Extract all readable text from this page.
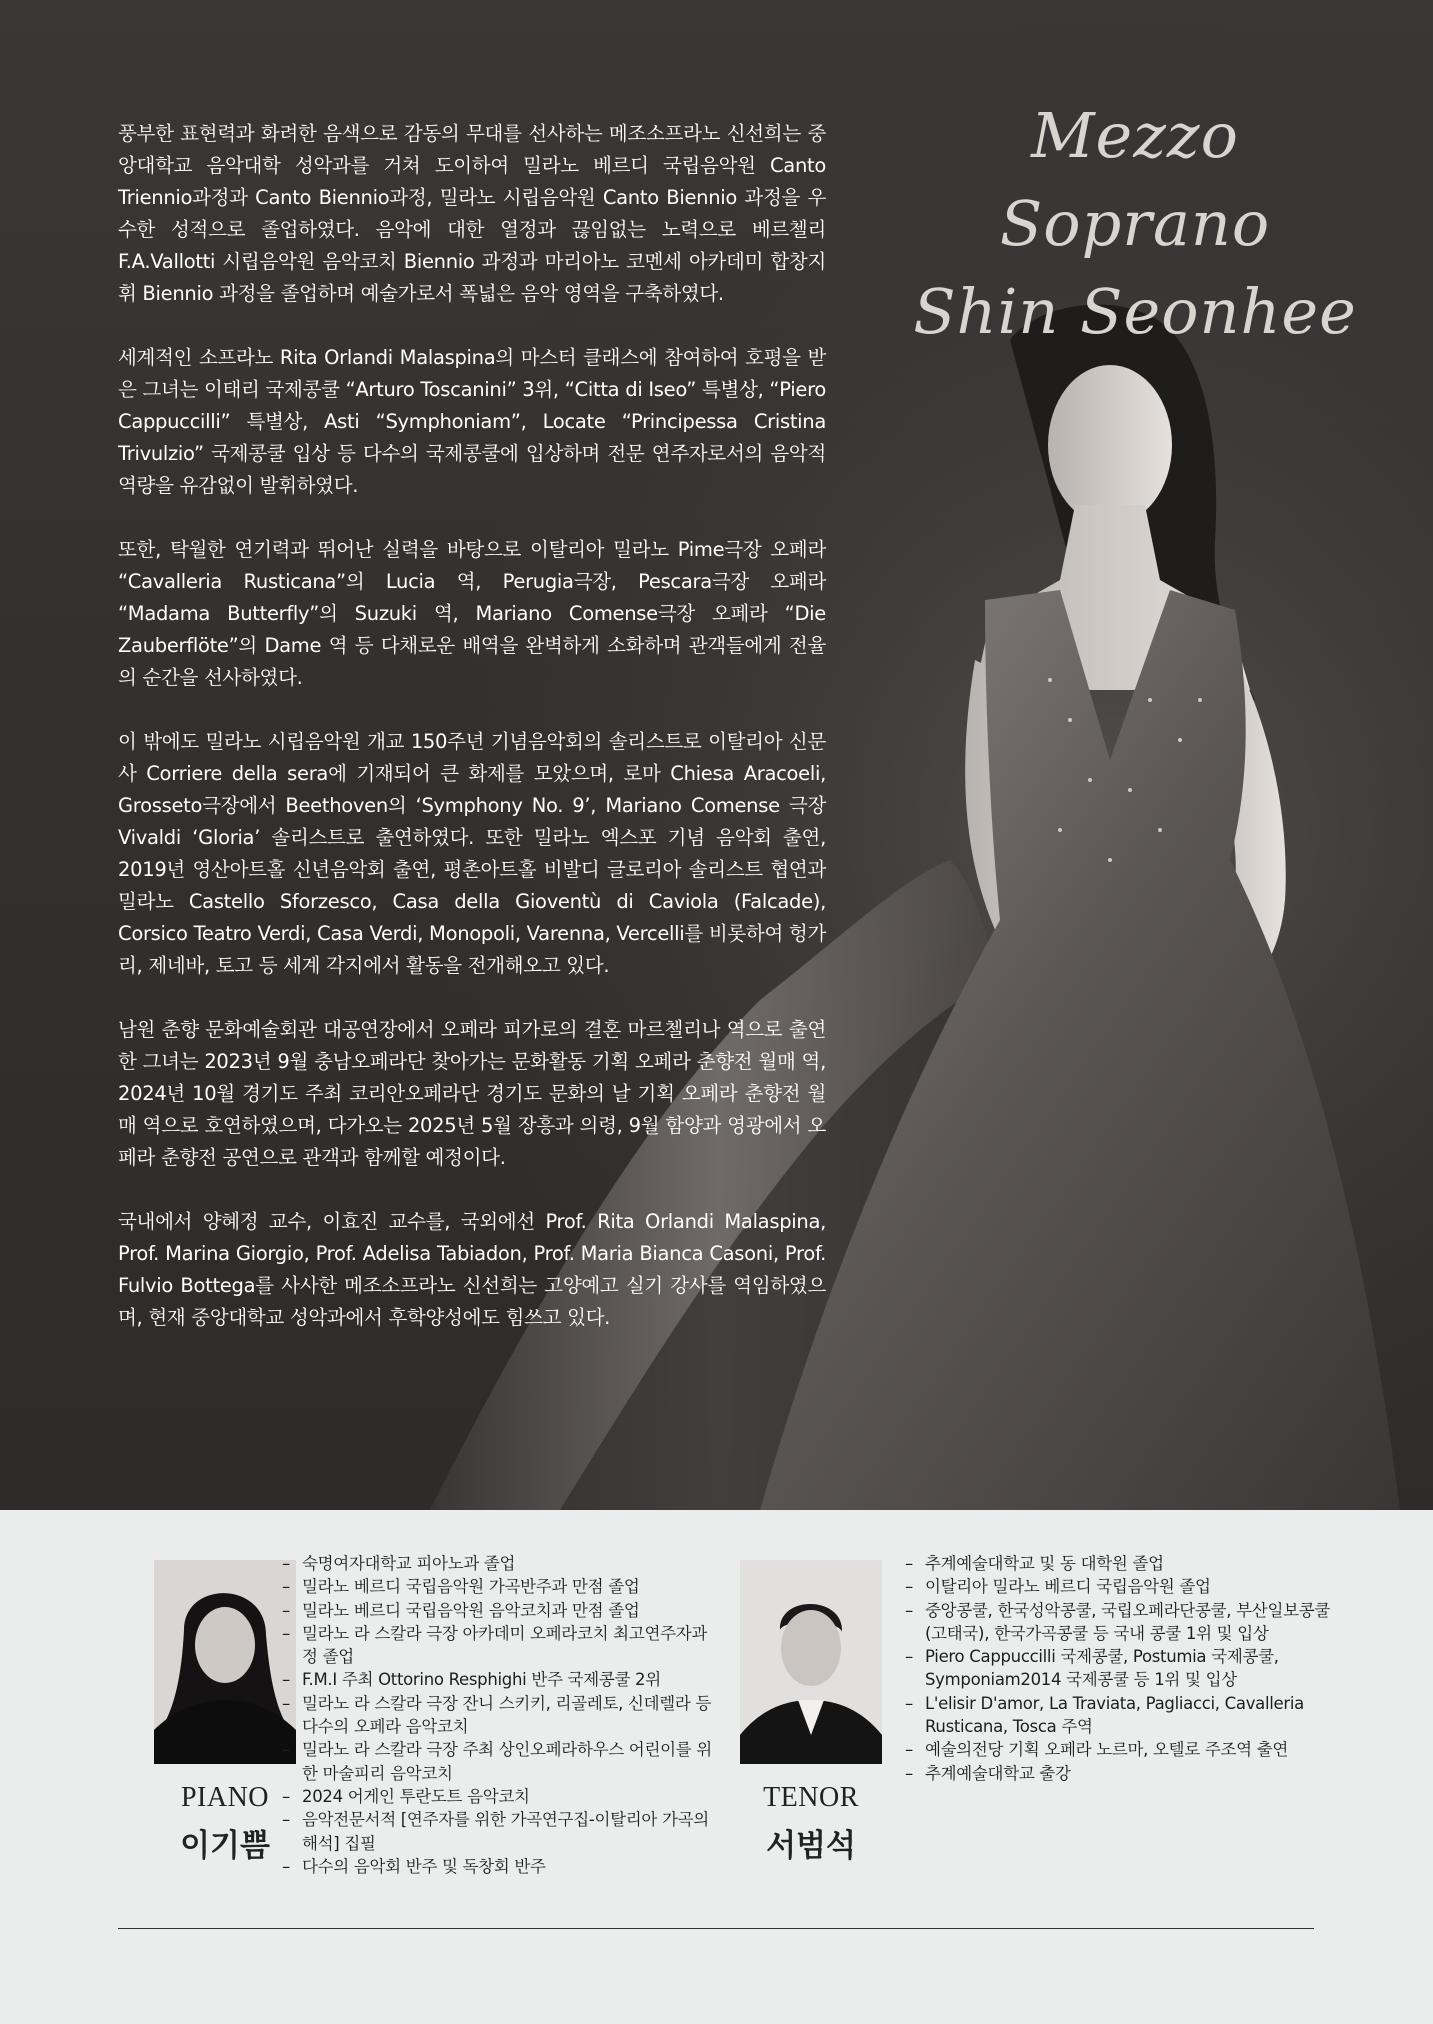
Mezzo Soprano
Shin Seonhee

풍부한 표현력과 화려한 음색으로 감동의 무대를 선사하는 메조소프라노 신선희는 중앙대학교 음악대학 성악과를 거쳐 도이하여 밀라노 베르디 국립음악원 Canto Triennio과정과 Canto Biennio과정, 밀라노 시립음악원 Canto Biennio 과정을 우수한 성적으로 졸업하였다. 음악에 대한 열정과 끊임없는 노력으로 베르첼리 F.A.Vallotti 시립음악원 음악코치 Biennio 과정과 마리아노 코멘세 아카데미 합창지휘 Biennio 과정을 졸업하며 예술가로서 폭넓은 음악 영역을 구축하였다.

세계적인 소프라노 Rita Orlandi Malaspina의 마스터 클래스에 참여하여 호평을 받은 그녀는 이태리 국제콩쿨 “Arturo Toscanini” 3위, “Citta di Iseo” 특별상, “Piero Cappuccilli” 특별상, Asti “Symphoniam”, Locate “Principessa Cristina Trivulzio” 국제콩쿨 입상 등 다수의 국제콩쿨에 입상하며 전문 연주자로서의 음악적 역량을 유감없이 발휘하였다.

또한, 탁월한 연기력과 뛰어난 실력을 바탕으로 이탈리아 밀라노 Pime극장 오페라 “Cavalleria Rusticana”의 Lucia 역, Perugia극장, Pescara극장 오페라 “Madama Butterfly”의 Suzuki 역, Mariano Comense극장 오페라 “Die Zauberflöte”의 Dame 역 등 다채로운 배역을 완벽하게 소화하며 관객들에게 전율의 순간을 선사하였다.

이 밖에도 밀라노 시립음악원 개교 150주년 기념음악회의 솔리스트로 이탈리아 신문사 Corriere della sera에 기재되어 큰 화제를 모았으며, 로마 Chiesa Aracoeli, Grosseto극장에서 Beethoven의 ‘Symphony No. 9’, Mariano Comense 극장 Vivaldi ‘Gloria’ 솔리스트로 출연하였다. 또한 밀라노 엑스포 기념 음악회 출연, 2019년 영산아트홀 신년음악회 출연, 평촌아트홀 비발디 글로리아 솔리스트 협연과 밀라노 Castello Sforzesco, Casa della Gioventù di Caviola (Falcade), Corsico Teatro Verdi, Casa Verdi, Monopoli, Varenna, Vercelli를 비롯하여 헝가리, 제네바, 토고 등 세계 각지에서 활동을 전개해오고 있다.

남원 춘향 문화예술회관 대공연장에서 오페라 피가로의 결혼 마르첼리나 역으로 출연한 그녀는 2023년 9월 충남오페라단 찾아가는 문화활동 기획 오페라 춘향전 월매 역, 2024년 10월 경기도 주최 코리안오페라단 경기도 문화의 날 기획 오페라 춘향전 월매 역으로 호연하였으며, 다가오는 2025년 5월 장흥과 의령, 9월 함양과 영광에서 오페라 춘향전 공연으로 관객과 함께할 예정이다.

국내에서 양혜정 교수, 이효진 교수를, 국외에선 Prof. Rita Orlandi Malaspina, Prof. Marina Giorgio, Prof. Adelisa Tabiadon, Prof. Maria Bianca Casoni, Prof. Fulvio Bottega를 사사한 메조소프라노 신선희는 고양예고 실기 강사를 역임하였으며, 현재 중앙대학교 성악과에서 후학양성에도 힘쓰고 있다.

PIANO
이기쁨
– 숙명여자대학교 피아노과 졸업
– 밀라노 베르디 국립음악원 가곡반주과 만점 졸업
– 밀라노 베르디 국립음악원 음악코치과 만점 졸업
– 밀라노 라 스칼라 극장 아카데미 오페라코치 최고연주자과정 졸업
– F.M.I 주최 Ottorino Resphighi 반주 국제콩쿨 2위
– 밀라노 라 스칼라 극장 잔니 스키키, 리골레토, 신데렐라 등 다수의 오페라 음악코치
– 밀라노 라 스칼라 극장 주최 상인오페라하우스 어린이를 위한 마술피리 음악코치
– 2024 어게인 투란도트 음악코치
– 음악전문서적 [연주자를 위한 가곡연구집-이탈리아 가곡의 해석] 집필
– 다수의 음악회 반주 및 독창회 반주
TENOR
서범석
– 추계예술대학교 및 동 대학원 졸업
– 이탈리아 밀라노 베르디 국립음악원 졸업
– 중앙콩쿨, 한국성악콩쿨, 국립오페라단콩쿨, 부산일보콩쿨(고태국), 한국가곡콩쿨 등 국내 콩쿨 1위 및 입상
– Piero Cappuccilli 국제콩쿨, Postumia 국제콩쿨, Symponiam2014 국제콩쿨 등 1위 및 입상
– L'elisir D'amor, La Traviata, Pagliacci, Cavalleria Rusticana, Tosca 주역
– 예술의전당 기획 오페라 노르마, 오텔로 주조역 출연
– 추계예술대학교 출강
